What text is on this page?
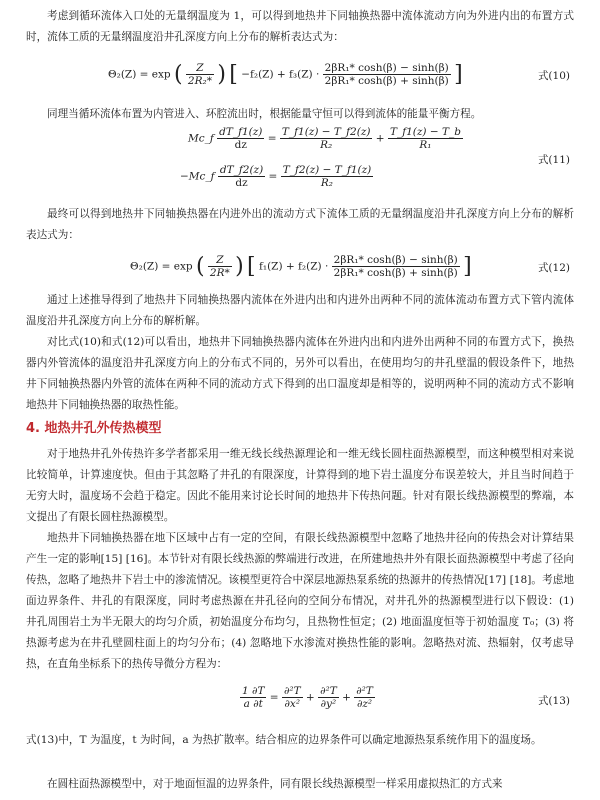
考虑到循环流体入口处的无量纲温度为 1，可以得到地热井下同轴换热器中流体流动方向为外进内出的布置方式时，流体工质的无量纲温度沿井孔深度方向上分布的解析表达式为：

Θ₂(Z) = exp ( $\frac{Z}{\text{2R₂*}}$ ) [ $-f_2(Z) + f_3(Z) \cdot \frac{\text{2βR₁* cosh(β) − sinh(β)}}{\text{2βR₁* cosh(β) + sinh(β)}}$ ]	式(10)

同理当循环流体布置为内管进入、环腔流出时，根据能量守恒可以得到流体的能量平衡方程。

Mc_f $\frac{dT\_f1(z)}{dz} = \frac{T\_f1(z) - T\_f2(z)}{\text{R₂}} + \frac{T\_f1(z) - T\_b}{\text{R₁}}$
−Mc_f $\frac{dT\_f2(z)}{dz} = \frac{T\_f2(z) - T\_f1(z)}{\text{R₂}}$
式(11)

最终可以得到地热井下同轴换热器在内进外出的流动方式下流体工质的无量纲温度沿井孔深度方向上分布的解析表达式为：

Θ₂(Z) = exp ( $\frac{Z}{2R*}$ ) [ $f_1(Z) + f_2(Z) \cdot \frac{\text{2βR₁* cosh(β) − sinh(β)}}{\text{2βR₁* cosh(β) + sinh(β)}}$ ]	式(12)

通过上述推导得到了地热井下同轴换热器内流体在外进内出和内进外出两种不同的流体流动布置方式下管内流体温度沿井孔深度方向上分布的解析解。

对比式(10)和式(12)可以看出，地热井下同轴换热器内流体在外进内出和内进外出两种不同的布置方式下，换热器内外管流体的温度沿井孔深度方向上的分布式不同的，另外可以看出，在使用均匀的井孔壁温的假设条件下，地热井下同轴换热器内外管的流体在两种不同的流动方式下得到的出口温度却是相等的，说明两种不同的流动方式不影响地热井下同轴换热器的取热性能。

4. 地热井孔外传热模型

对于地热井孔外传热许多学者都采用一维无线长线热源理论和一维无线长圆柱面热源模型，而这种模型相对来说比较简单，计算速度快。但由于其忽略了井孔的有限深度，计算得到的地下岩土温度分布误差较大，并且当时间趋于无穷大时，温度场不会趋于稳定。因此不能用来讨论长时间的地热井下传热问题。针对有限长线热源模型的弊端，本文提出了有限长圆柱热源模型。

地热井下同轴换热器在地下区域中占有一定的空间，有限长线热源模型中忽略了地热井径向的传热会对计算结果产生一定的影响[15] [16]。本节针对有限长线热源的弊端进行改进，在所建地热井外有限长面热源模型中考虑了径向传热，忽略了地热井下岩土中的渗流情况。该模型更符合中深层地源热泵系统的热源井的传热情况[17] [18]。考虑地面边界条件、井孔的有限深度，同时考虑热源在井孔径向的空间分布情况，对井孔外的热源模型进行以下假设：(1) 井孔周围岩土为半无限大的均匀介质，初始温度分布均匀，且热物性恒定；(2) 地面温度恒等于初始温度 T₀；(3) 将热源考虑为在井孔壁圆柱面上的均匀分布；(4) 忽略地下水渗流对换热性能的影响。忽略热对流、热辐射，仅考虑导热，在直角坐标系下的热传导微分方程为：

$\frac{1 \partial T}{a \partial t} = \frac{\text{∂²T}}{\text{∂x²}} + \frac{\text{∂²T}}{\text{∂y²}} + \frac{\text{∂²T}}{\text{∂z²}}$	式(13)

式(13)中，T 为温度，t 为时间，a 为热扩散率。结合相应的边界条件可以确定地源热泵系统作用下的温度场。

在圆柱面热源模型中，对于地面恒温的边界条件，同有限长线热源模型一样采用虚拟热汇的方式来
